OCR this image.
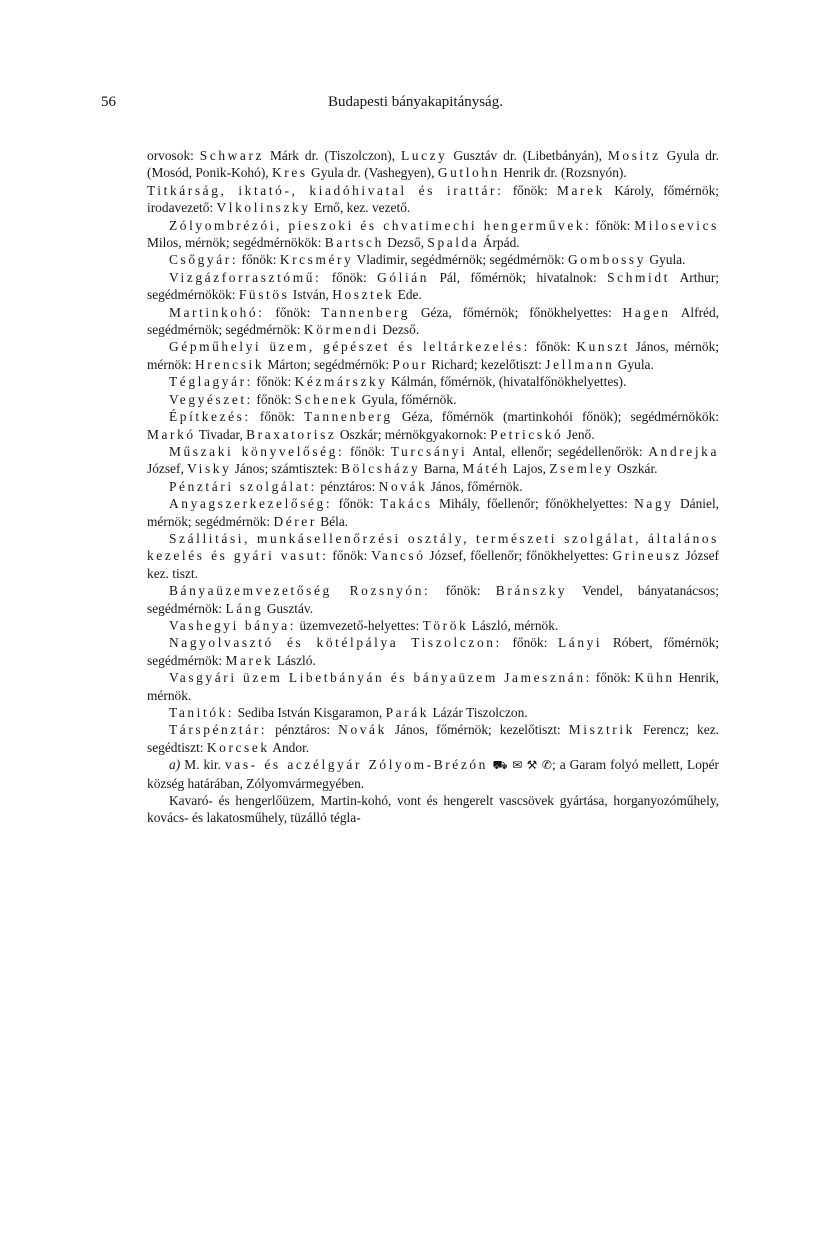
56	Budapesti bányakapitányság.

orvosok: Schwarz Márk dr. (Tiszolczon), Luczy Gusztáv dr. (Libetbányán), Mositz Gyula dr. (Mosód, Ponik-Kohó), Kres Gyula dr. (Vashegyen), Gutlohn Henrik dr. (Rozsnyón).

Titkárság, iktató-, kiadóhivatal és irattár: főnök: Marek Károly, főmérnök; irodavezető: Vlkolinszky Ernő, kez. vezető.

Zólyombrézói, pieszoki és chvatimechi hengerművek: főnök: Milosevics Milos, mérnök; segédmérnökök: Bartsch Dezső, Spalda Árpád.

Csőgyár: főnök: Krcsméry Vladimir, segédmérnök; segédmérnök: Gombossy Gyula.

Vizgázforrasztómű: főnök: Gólián Pál, főmérnök; hivatalnok: Schmidt Arthur; segédmérnökök: Füstös István, Hosztek Ede.

Martinkohó: főnök: Tannenberg Géza, főmérnök; főnökhelyettes: Hagen Alfréd, segédmérnök; segédmérnök: Körmendi Dezső.

Gépműhelyi üzem, gépészet és leltárkezelés: főnök: Kunszt János, mérnök; mérnök: Hrencsik Márton; segédmérnök: Pour Richard; kezelőtiszt: Jellmann Gyula.

Téglagyár: főnök: Kézmárszky Kálmán, főmérnök, (hivatalfőnökhelyettes).

Vegyészet: főnök: Schenek Gyula, főmérnök.

Építkezés: főnök: Tannenberg Géza, főmérnök (martinkohói főnök); segédmérnökök: Markó Tivadar, Braxatorisz Oszkár; mérnökgyakornok: Petricskó Jenő.

Műszaki könyvelőség: főnök: Turcsányi Antal, ellenőr; segédellenőrök: Andrejka József, Visky János; számtisztek: Bölcsházy Barna, Mátéh Lajos, Zsemley Oszkár.

Pénztári szolgálat: pénztáros: Novák János, főmérnök.

Anyagszerkezelőség: főnök: Takács Mihály, főellenőr; főnökhelyettes: Nagy Dániel, mérnök; segédmérnök: Dérer Béla.

Szállitási, munkásellenőrzési osztály, természeti szolgálat, általános kezelés és gyári vasut: főnök: Vancsó József, főellenőr; főnökhelyettes: Grineusz József kez. tiszt.

Bányaüzemvezetőség Rozsnyón: főnök: Bránszky Vendel, bányatanácsos; segédmérnök: Láng Gusztáv.

Vashegyi bánya: üzemvezető-helyettes: Török László, mérnök.

Nagyolvasztó és kötélpálya Tiszolczon: főnök: Lányi Róbert, főmérnök; segédmérnök: Marek László.

Vasgyári üzem Libetbányán és bányaüzem Jamesznán: főnök: Kühn Henrik, mérnök.

Tanitók: Sediba István Kisgaramon, Parák Lázár Tiszolczon.

Társpénztár: pénztáros: Novák János, főmérnök; kezelőtiszt: Misztrik Ferencz; kez. segédtiszt: Korcsek Andor.

a) M. kir. vas- és aczélgyár Zólyom-Brézón ⛟ ✉ ⚒ ✆; a Garam folyó mellett, Lopér község határában, Zólyomvármegyében.

Kavaró- és hengerlőüzem, Martin-kohó, vont és hengerelt vascsövek gyártása, horganyozóműhely, kovács- és lakatosműhely, tüzálló tégla-
